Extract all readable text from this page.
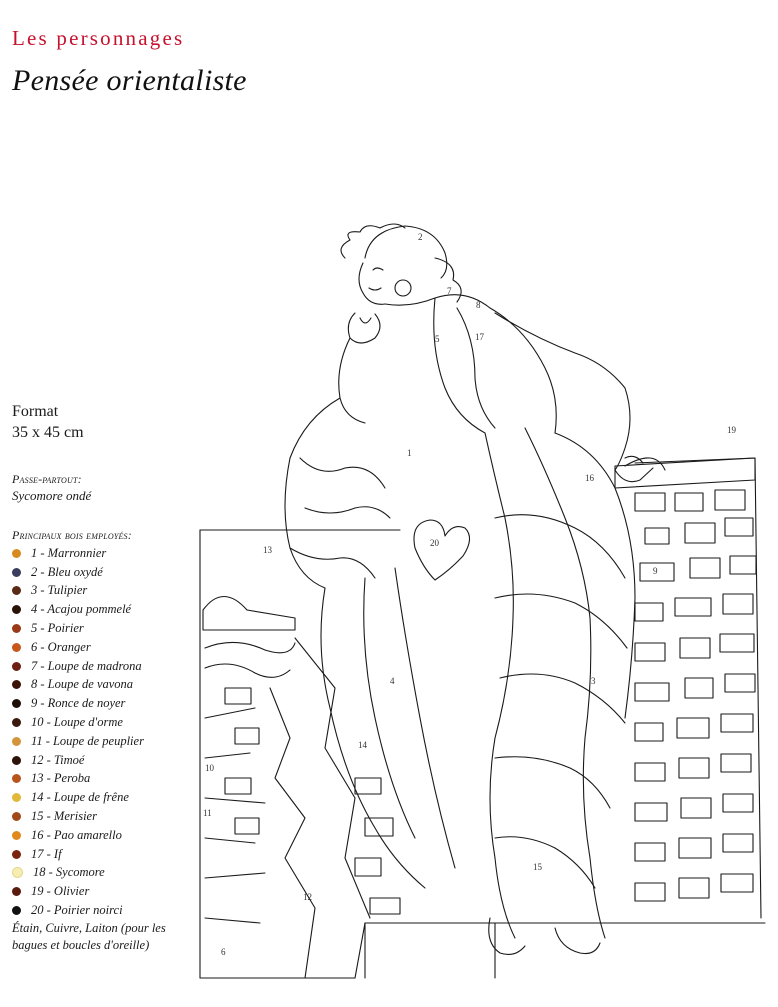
Les personnages
Pensée orientaliste
Format
35 x 45 cm
Passe-partout:
Sycomore ondé
Principaux bois employés:
1 - Marronnier
2 - Bleu oxydé
3 - Tulipier
4 - Acajou pommelé
5 - Poirier
6 - Oranger
7 - Loupe de madrona
8 - Loupe de vavona
9 - Ronce de noyer
10 - Loupe d'orme
11 - Loupe de peuplier
12 - Timoé
13 - Peroba
14 - Loupe de frêne
15 - Merisier
16 - Pao amarello
17 - If
18 - Sycomore
19 - Olivier
20 - Poirier noirci
Étain, Cuivre, Laiton (pour les bagues et boucles d'oreille)
1
2
3
4
5
6
7
8
9
10
11
12
13
14
15
16
17
19
20
